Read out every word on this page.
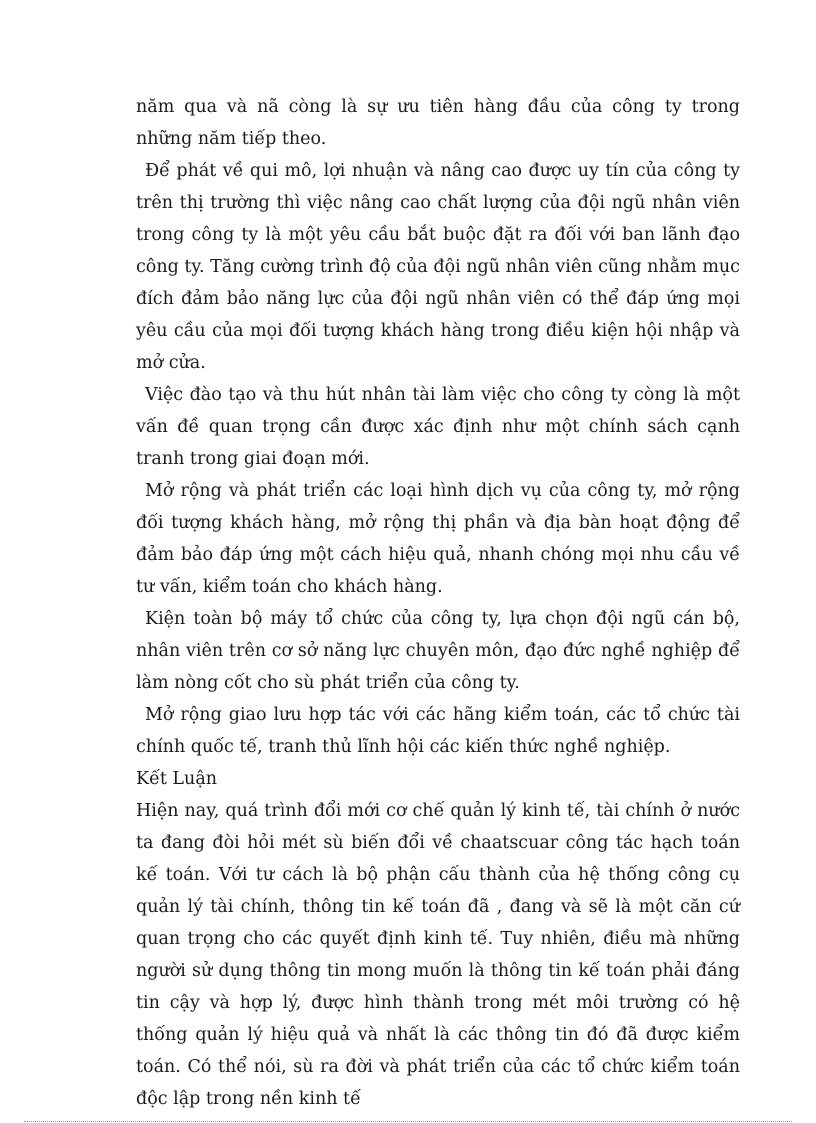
năm qua và nã còng là sự ưu tiên hàng đầu của công ty trong những năm tiếp theo.

Để phát về qui mô, lợi nhuận và nâng cao được uy tín của công ty trên thị trường thì việc nâng cao chất lượng của đội ngũ nhân viên trong công ty là một yêu cầu bắt buộc đặt ra đối với ban lãnh đạo công ty. Tăng cường trình độ của đội ngũ nhân viên cũng nhằm mục đích đảm bảo năng lực của đội ngũ nhân viên có thể đáp ứng mọi yêu cầu của mọi đối tượng khách hàng trong điều kiện hội nhập và mở cửa.

Việc đào tạo và thu hút nhân tài làm việc cho công ty còng là một vấn đề quan trọng cần được xác định như một chính sách cạnh tranh trong giai đoạn mới.

Mở rộng và phát triển các loại hình dịch vụ của công ty, mở rộng đối tượng khách hàng, mở rộng thị phần và địa bàn hoạt động để đảm bảo đáp ứng một cách hiệu quả, nhanh chóng mọi nhu cầu về tư vấn, kiểm toán cho khách hàng.

Kiện toàn bộ máy tổ chức của công ty, lựa chọn đội ngũ cán bộ, nhân viên trên cơ sở năng lực chuyên môn, đạo đức nghề nghiệp để làm nòng cốt cho sù phát triển của công ty.

Mở rộng giao lưu hợp tác với các hãng kiểm toán, các tổ chức tài chính quốc tế, tranh thủ lĩnh hội các kiến thức nghề nghiệp.

Kết Luận

Hiện nay, quá trình đổi mới cơ chế quản lý kinh tế, tài chính ở nước ta đang đòi hỏi mét sù biến đổi về chaatscuar công tác hạch toán kế toán. Với tư cách là bộ phận cấu thành của hệ thống công cụ quản lý tài chính, thông tin kế toán đã , đang và sẽ là một căn cứ quan trọng cho các quyết định kinh tế. Tuy nhiên, điều mà những người sử dụng thông tin mong muốn là thông tin kế toán phải đáng tin cậy và hợp lý, được hình thành trong mét môi trường có hệ thống quản lý hiệu quả và nhất là các thông tin đó đã được kiểm toán. Có thể nói, sù ra đời và phát triển của các tổ chức kiểm toán độc lập trong nền kinh tế
